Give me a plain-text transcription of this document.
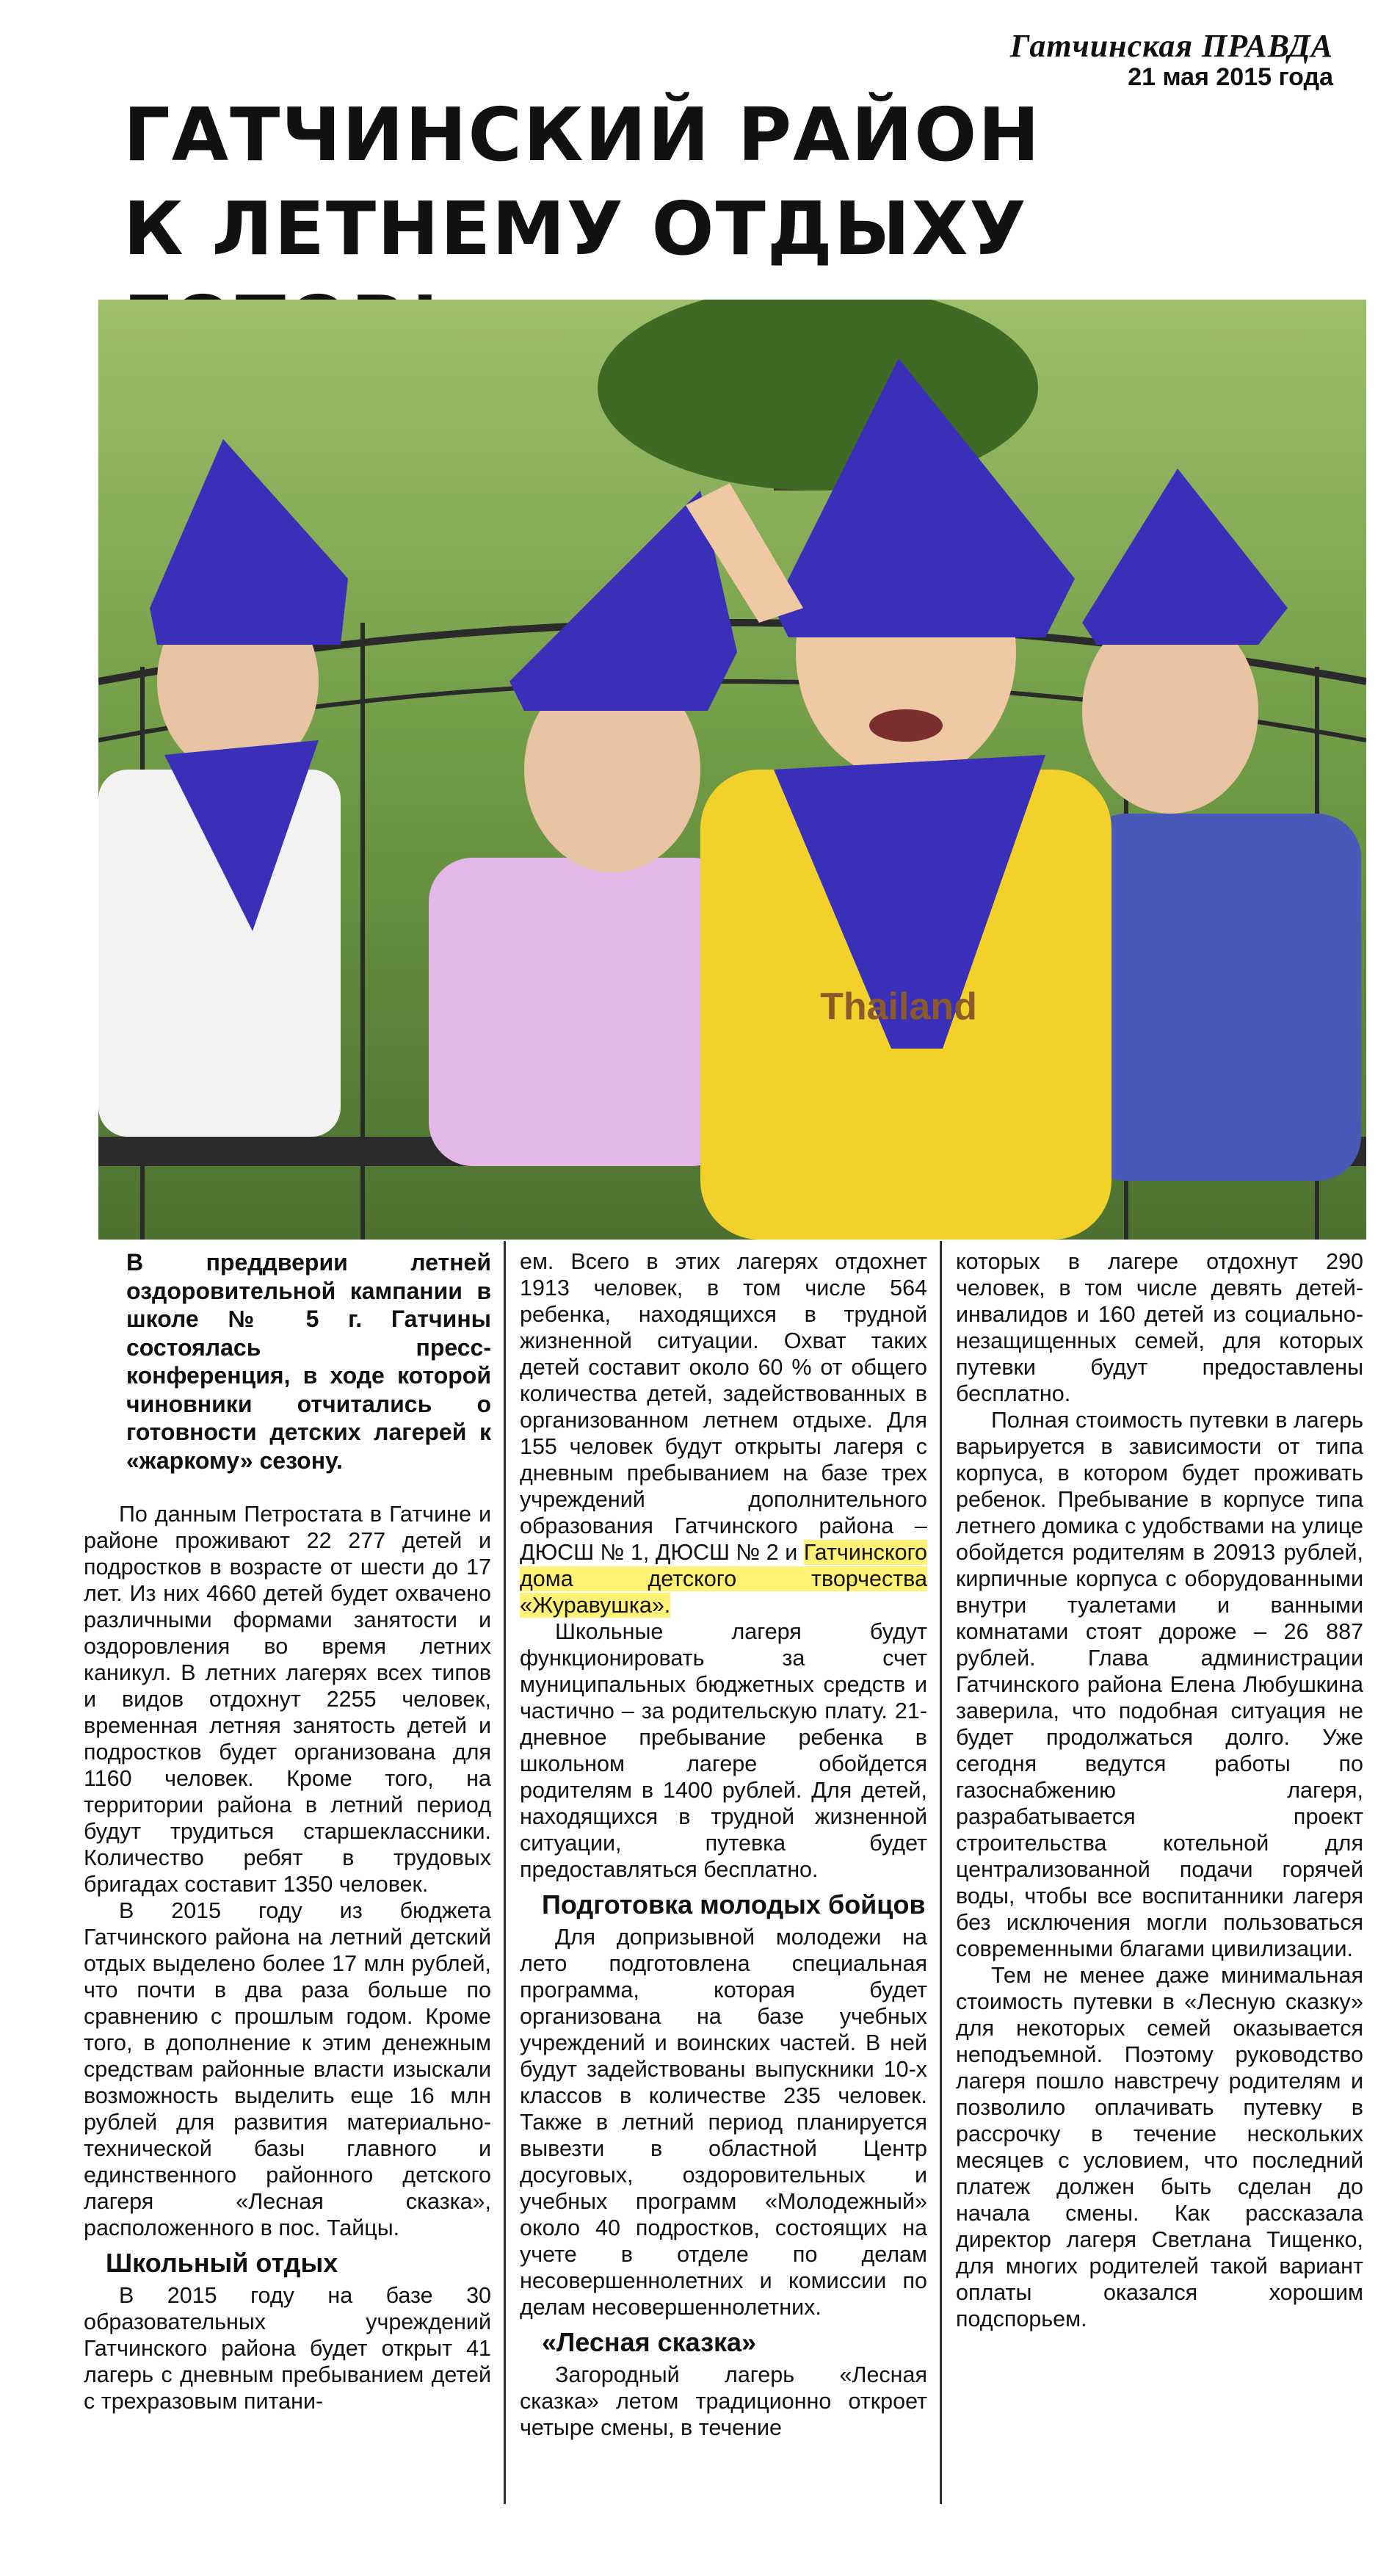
Гатчинская ПРАВДА
21 мая 2015 года
ГАТЧИНСКИЙ РАЙОН
К ЛЕТНЕМУ ОТДЫХУ
Thailand

В преддверии летней оздоровительной кампании в школе № 5 г. Гатчины состоялась пресс-конференция, в ходе которой чиновники отчитались о готовности детских лагерей к «жаркому» сезону.

По данным Петростата в Гатчине и районе проживают 22 277 детей и подростков в возрасте от шести до 17 лет. Из них 4660 детей будет охвачено различными формами занятости и оздоровления во время летних каникул. В летних лагерях всех типов и видов отдохнут 2255 человек, временная летняя занятость детей и подростков будет организована для 1160 человек. Кроме того, на территории района в летний период будут трудиться старшеклассники. Количество ребят в трудовых бригадах составит 1350 человек.

В 2015 году из бюджета Гатчинского района на летний детский отдых выделено более 17 млн рублей, что почти в два раза больше по сравнению с прошлым годом. Кроме того, в дополнение к этим денежным средствам районные власти изыскали возможность выделить еще 16 млн рублей для развития материально-технической базы главного и единственного районного детского лагеря «Лесная сказка», расположенного в пос. Тайцы.

Школьный отдых

В 2015 году на базе 30 образовательных учреждений Гатчинского района будет открыт 41 лагерь с дневным пребыванием детей с трехразовым питани-

ем. Всего в этих лагерях отдохнет 1913 человек, в том числе 564 ребенка, находящихся в трудной жизненной ситуации. Охват таких детей составит около 60 % от общего количества детей, задействованных в организованном летнем отдыхе. Для 155 человек будут открыты лагеря с дневным пребыванием на базе трех учреждений дополнительного образования Гатчинского района – ДЮСШ № 1, ДЮСШ № 2 и Гатчинского дома детского творчества «Журавушка».

Школьные лагеря будут функционировать за счет муниципальных бюджетных средств и частично – за родительскую плату. 21-дневное пребывание ребенка в школьном лагере обойдется родителям в 1400 рублей. Для детей, находящихся в трудной жизненной ситуации, путевка будет предоставляться бесплатно.

Подготовка молодых бойцов

Для допризывной молодежи на лето подготовлена специальная программа, которая будет организована на базе учебных учреждений и воинских частей. В ней будут задействованы выпускники 10-х классов в количестве 235 человек. Также в летний период планируется вывезти в областной Центр досуговых, оздоровительных и учебных программ «Молодежный» около 40 подростков, состоящих на учете в отделе по делам несовершеннолетних и комиссии по делам несовершеннолетних.

«Лесная сказка»

Загородный лагерь «Лесная сказка» летом традиционно откроет четыре смены, в течение

которых в лагере отдохнут 290 человек, в том числе девять детей-инвалидов и 160 детей из социально-незащищенных семей, для которых путевки будут предоставлены бесплатно.

Полная стоимость путевки в лагерь варьируется в зависимости от типа корпуса, в котором будет проживать ребенок. Пребывание в корпусе типа летнего домика с удобствами на улице обойдется родителям в 20913 рублей, кирпичные корпуса с оборудованными внутри туалетами и ванными комнатами стоят дороже – 26 887 рублей. Глава администрации Гатчинского района Елена Любушкина заверила, что подобная ситуация не будет продолжаться долго. Уже сегодня ведутся работы по газоснабжению лагеря, разрабатывается проект строительства котельной для централизованной подачи горячей воды, чтобы все воспитанники лагеря без исключения могли пользоваться современными благами цивилизации.

Тем не менее даже минимальная стоимость путевки в «Лесную сказку» для некоторых семей оказывается неподъемной. Поэтому руководство лагеря пошло навстречу родителям и позволило оплачивать путевку в рассрочку в течение нескольких месяцев с условием, что последний платеж должен быть сделан до начала смены. Как рассказала директор лагеря Светлана Тищенко, для многих родителей такой вариант оплаты оказался хорошим подспорьем.
